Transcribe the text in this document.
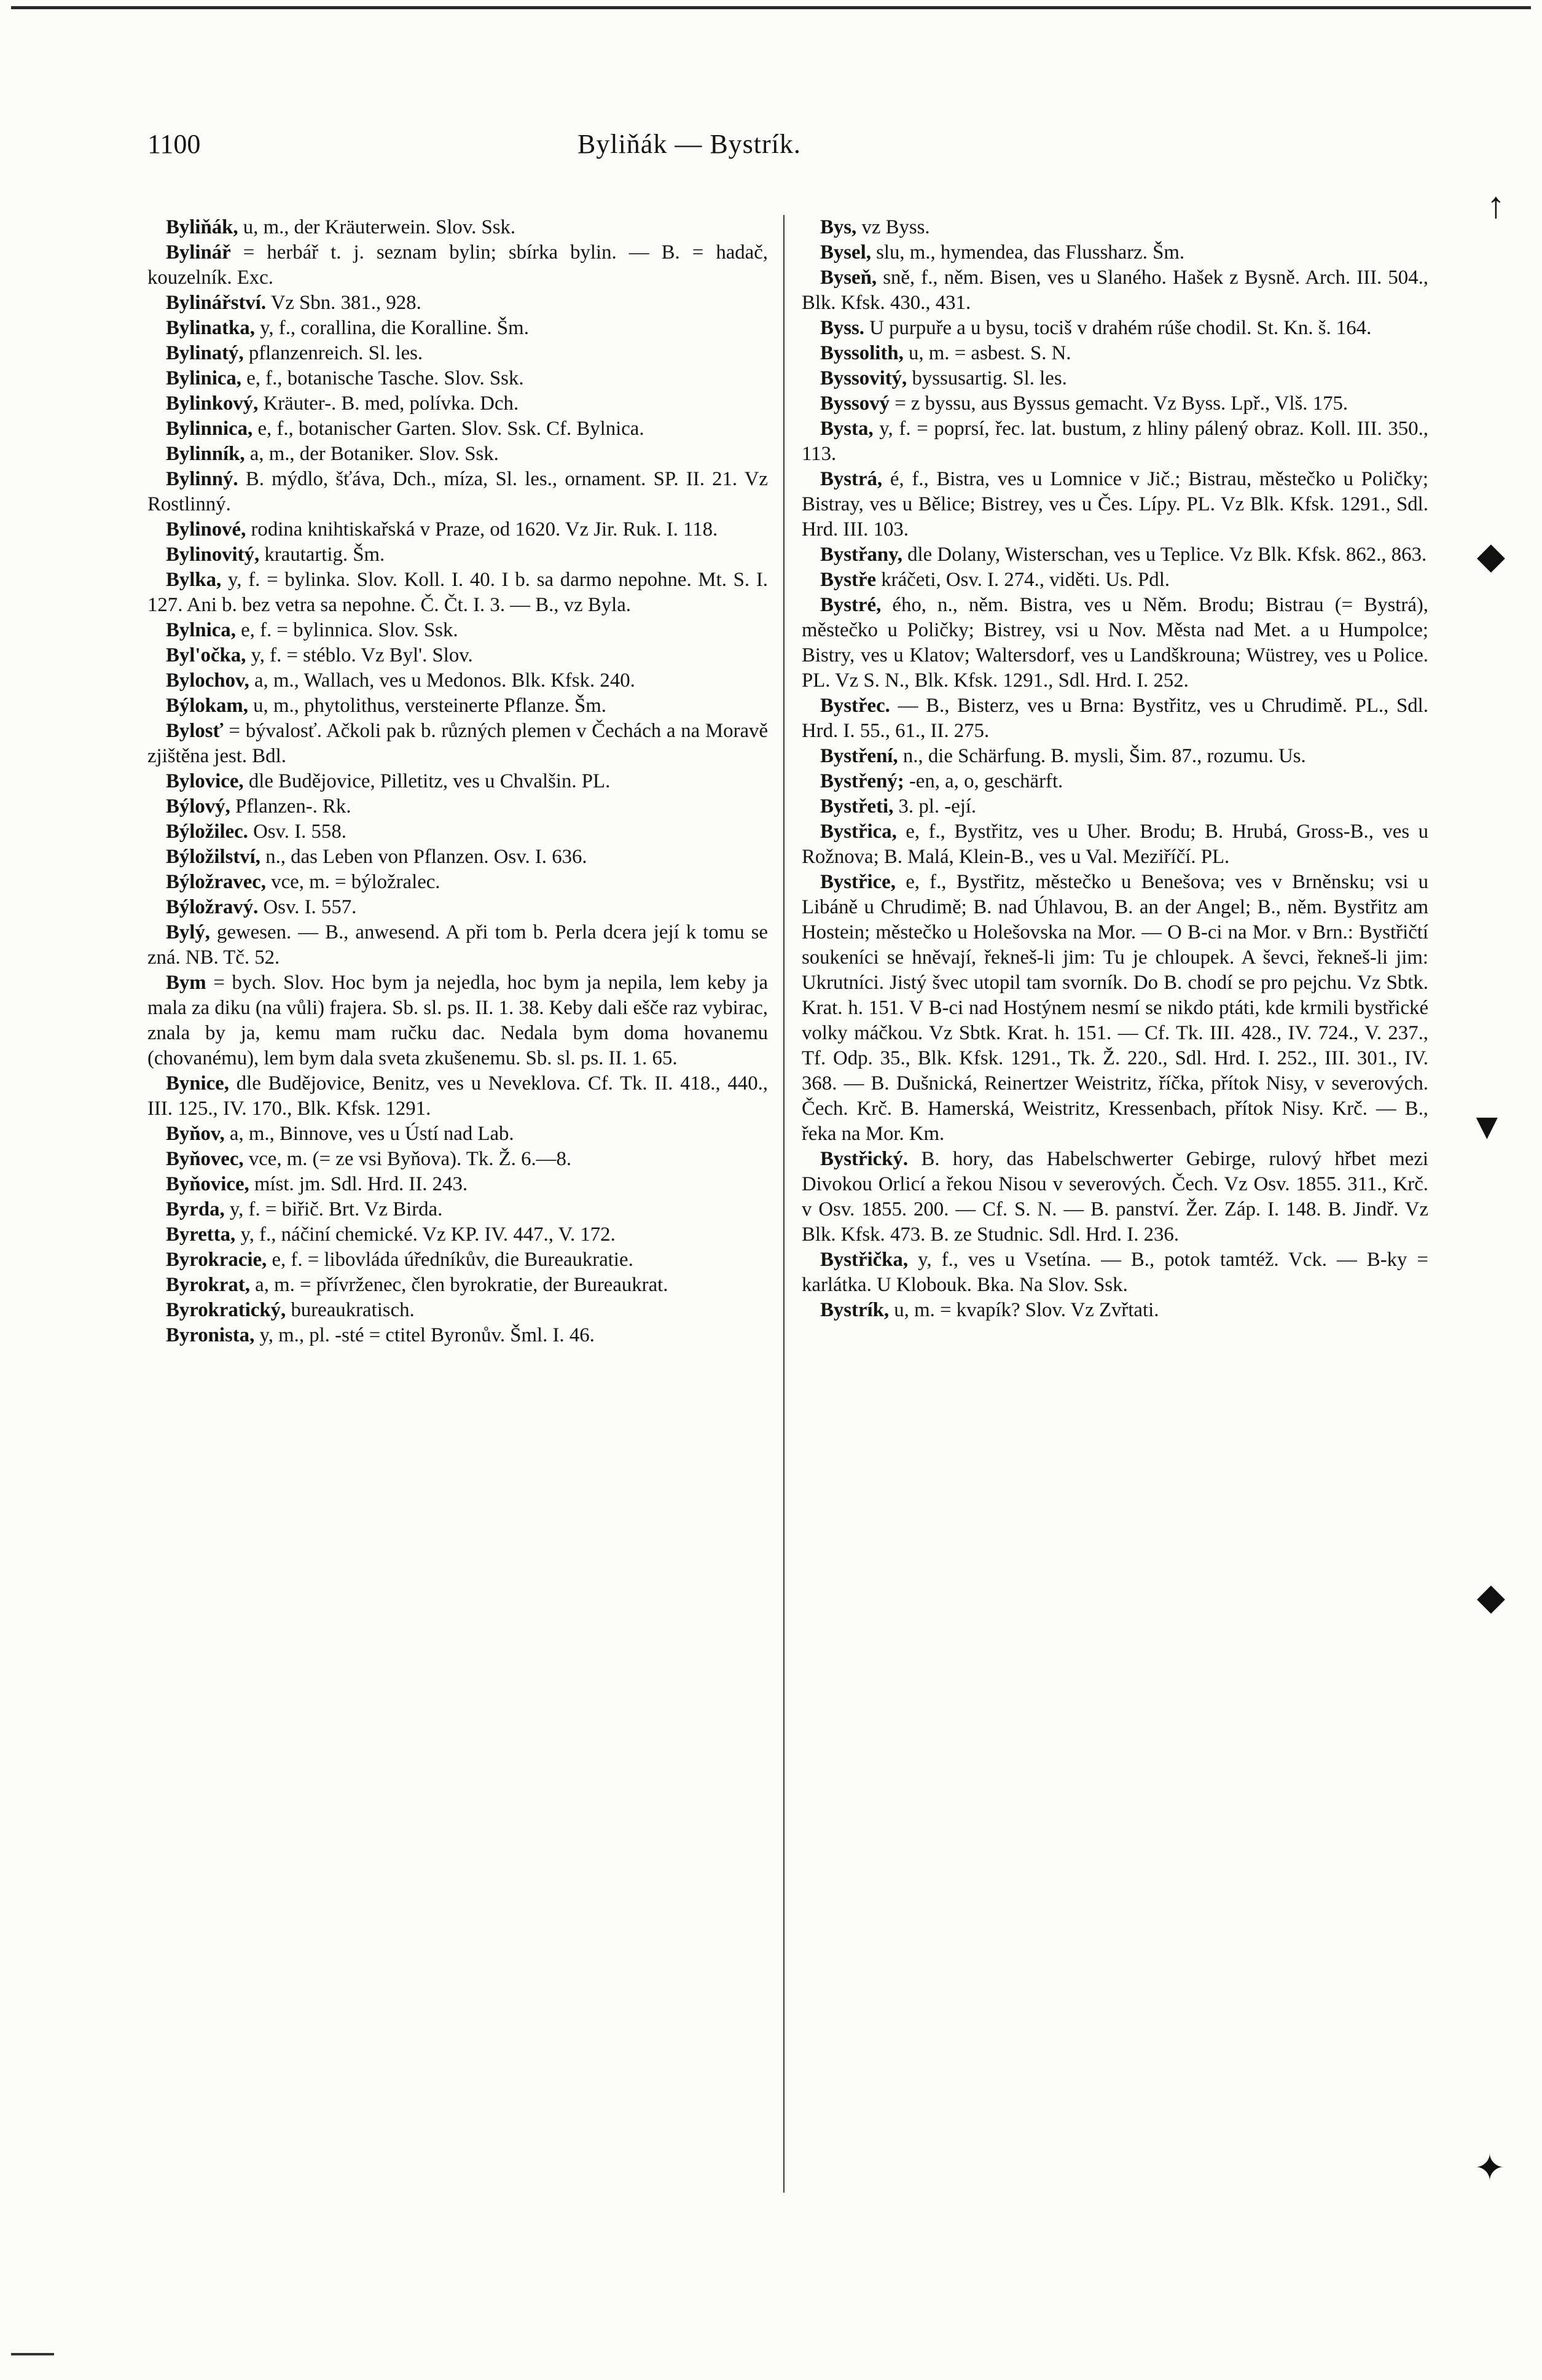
1100	Byliňák — Bystrík.

Byliňák, u, m., der Kräuterwein. Slov. Ssk.

Bylinář = herbář t. j. seznam bylin; sbírka bylin. — B. = hadač, kouzelník. Exc.

Bylinářství. Vz Sbn. 381., 928.

Bylinatka, y, f., corallina, die Koralline. Šm.

Bylinatý, pflanzenreich. Sl. les.

Bylinica, e, f., botanische Tasche. Slov. Ssk.

Bylinkový, Kräuter-. B. med, polívka. Dch.

Bylinnica, e, f., botanischer Garten. Slov. Ssk. Cf. Bylnica.

Bylinník, a, m., der Botaniker. Slov. Ssk.

Bylinný. B. mýdlo, šťáva, Dch., míza, Sl. les., ornament. SP. II. 21. Vz Rostlinný.

Bylinové, rodina knihtiskařská v Praze, od 1620. Vz Jir. Ruk. I. 118.

Bylinovitý, krautartig. Šm.

Bylka, y, f. = bylinka. Slov. Koll. I. 40. I b. sa darmo nepohne. Mt. S. I. 127. Ani b. bez vetra sa nepohne. Č. Čt. I. 3. — B., vz Byla.

Bylnica, e, f. = bylinnica. Slov. Ssk.

Byl'očka, y, f. = stéblo. Vz Byl'. Slov.

Bylochov, a, m., Wallach, ves u Medonos. Blk. Kfsk. 240.

Býlokam, u, m., phytolithus, versteinerte Pflanze. Šm.

Bylosť = bývalosť. Ačkoli pak b. různých plemen v Čechách a na Moravě zjištěna jest. Bdl.

Bylovice, dle Budějovice, Pilletitz, ves u Chvalšin. PL.

Býlový, Pflanzen-. Rk.

Býložilec. Osv. I. 558.

Býložilství, n., das Leben von Pflanzen. Osv. I. 636.

Býložravec, vce, m. = býložralec.

Býložravý. Osv. I. 557.

Bylý, gewesen. — B., anwesend. A při tom b. Perla dcera její k tomu se zná. NB. Tč. 52.

Bym = bych. Slov. Hoc bym ja nejedla, hoc bym ja nepila, lem keby ja mala za diku (na vůli) frajera. Sb. sl. ps. II. 1. 38. Keby dali ešče raz vybirac, znala by ja, kemu mam ručku dac. Nedala bym doma hovanemu (chovanému), lem bym dala sveta zkušenemu. Sb. sl. ps. II. 1. 65.

Bynice, dle Budějovice, Benitz, ves u Neveklova. Cf. Tk. II. 418., 440., III. 125., IV. 170., Blk. Kfsk. 1291.

Byňov, a, m., Binnove, ves u Ústí nad Lab.

Byňovec, vce, m. (= ze vsi Byňova). Tk. Ž. 6.—8.

Byňovice, míst. jm. Sdl. Hrd. II. 243.

Byrda, y, f. = biřič. Brt. Vz Birda.

Byretta, y, f., náčiní chemické. Vz KP. IV. 447., V. 172.

Byrokracie, e, f. = libovláda úředníkův, die Bureaukratie.

Byrokrat, a, m. = přívrženec, člen byrokratie, der Bureaukrat.

Byrokratický, bureaukratisch.

Byronista, y, m., pl. -sté = ctitel Byronův. Šml. I. 46.

Bys, vz Byss.

Bysel, slu, m., hymendea, das Flussharz. Šm.

Byseň, sně, f., něm. Bisen, ves u Slaného. Hašek z Bysně. Arch. III. 504., Blk. Kfsk. 430., 431.

Byss. U purpuře a u bysu, tociš v drahém rúše chodil. St. Kn. š. 164.

Byssolith, u, m. = asbest. S. N.

Byssovitý, byssusartig. Sl. les.

Byssový = z byssu, aus Byssus gemacht. Vz Byss. Lpř., Vlš. 175.

Bysta, y, f. = poprsí, řec. lat. bustum, z hliny pálený obraz. Koll. III. 350., 113.

Bystrá, é, f., Bistra, ves u Lomnice v Jič.; Bistrau, městečko u Poličky; Bistray, ves u Bělice; Bistrey, ves u Čes. Lípy. PL. Vz Blk. Kfsk. 1291., Sdl. Hrd. III. 103.

Bystřany, dle Dolany, Wisterschan, ves u Teplice. Vz Blk. Kfsk. 862., 863.

Bystře kráčeti, Osv. I. 274., viděti. Us. Pdl.

Bystré, ého, n., něm. Bistra, ves u Něm. Brodu; Bistrau (= Bystrá), městečko u Poličky; Bistrey, vsi u Nov. Města nad Met. a u Humpolce; Bistry, ves u Klatov; Waltersdorf, ves u Landškrouna; Wüstrey, ves u Police. PL. Vz S. N., Blk. Kfsk. 1291., Sdl. Hrd. I. 252.

Bystřec. — B., Bisterz, ves u Brna: Bystřitz, ves u Chrudimě. PL., Sdl. Hrd. I. 55., 61., II. 275.

Bystření, n., die Schärfung. B. mysli, Šim. 87., rozumu. Us.

Bystřený; -en, a, o, geschärft.

Bystřeti, 3. pl. -ejí.

Bystřica, e, f., Bystřitz, ves u Uher. Brodu; B. Hrubá, Gross-B., ves u Rožnova; B. Malá, Klein-B., ves u Val. Meziříčí. PL.

Bystřice, e, f., Bystřitz, městečko u Benešova; ves v Brněnsku; vsi u Libáně u Chrudimě; B. nad Úhlavou, B. an der Angel; B., něm. Bystřitz am Hostein; městečko u Holešovska na Mor. — O B-ci na Mor. v Brn.: Bystřičtí soukeníci se hněvají, řekneš-li jim: Tu je chloupek. A ševci, řekneš-li jim: Ukrutníci. Jistý švec utopil tam svorník. Do B. chodí se pro pejchu. Vz Sbtk. Krat. h. 151. V B-ci nad Hostýnem nesmí se nikdo ptáti, kde krmili bystřické volky máčkou. Vz Sbtk. Krat. h. 151. — Cf. Tk. III. 428., IV. 724., V. 237., Tf. Odp. 35., Blk. Kfsk. 1291., Tk. Ž. 220., Sdl. Hrd. I. 252., III. 301., IV. 368. — B. Dušnická, Reinertzer Weistritz, říčka, přítok Nisy, v severových. Čech. Krč. B. Hamerská, Weistritz, Kressenbach, přítok Nisy. Krč. — B., řeka na Mor. Km.

Bystřický. B. hory, das Habelschwerter Gebirge, rulový hřbet mezi Divokou Orlicí a řekou Nisou v severových. Čech. Vz Osv. 1855. 311., Krč. v Osv. 1855. 200. — Cf. S. N. — B. panství. Žer. Záp. I. 148. B. Jindř. Vz Blk. Kfsk. 473. B. ze Studnic. Sdl. Hrd. I. 236.

Bystřička, y, f., ves u Vsetína. — B., potok tamtéž. Vck. — B-ky = karlátka. U Klobouk. Bka. Na Slov. Ssk.

Bystrík, u, m. = kvapík? Slov. Vz Zvřtati.

↑
◆
▼
◆
✦
